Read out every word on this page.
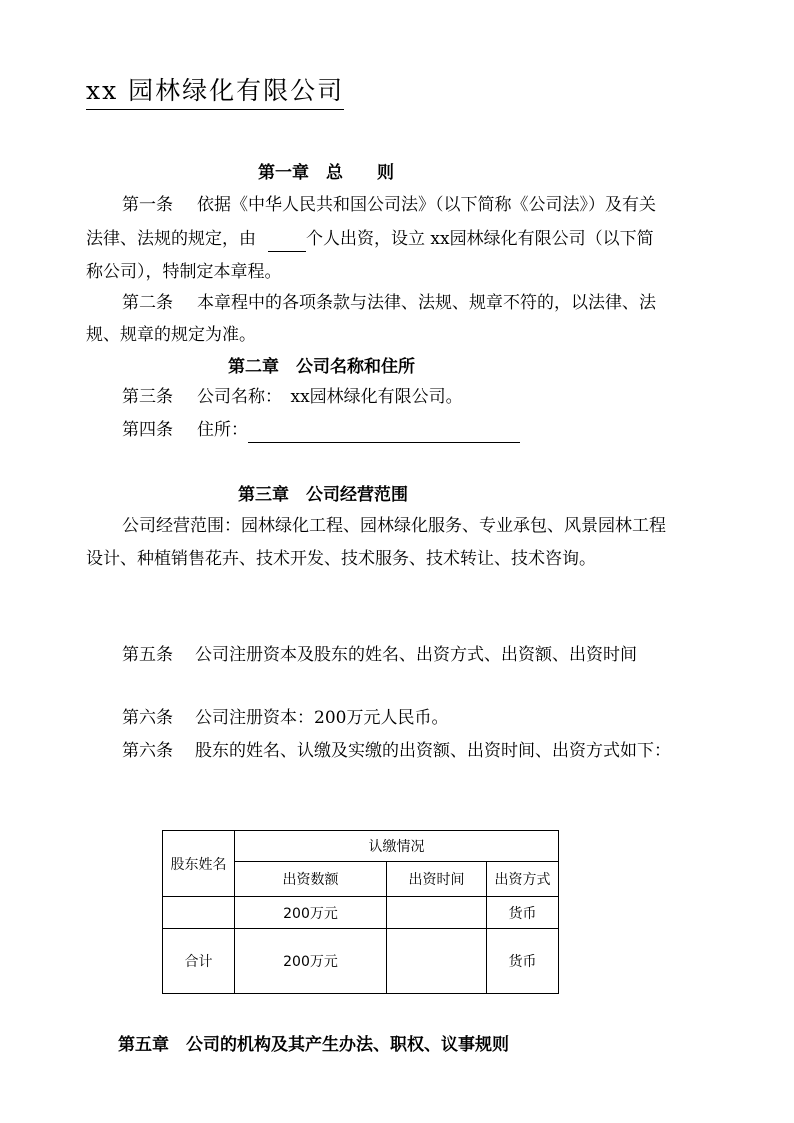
xx 园林绿化有限公司
第一章　总　　则
第一条 依据《中华人民共和国公司法》（以下简称《公司法》）及有关
法律、法规的规定，由	个人出资，设立 xx园林绿化有限公司（以下简
称公司），特制定本章程。
第二条 本章程中的各项条款与法律、法规、规章不符的，以法律、法
规、规章的规定为准。
第二章　公司名称和住所
第三条 公司名称：　xx园林绿化有限公司。
第四条 住所：
第三章　公司经营范围
公司经营范围：园林绿化工程、园林绿化服务、专业承包、风景园林工程
设计、种植销售花卉、技术开发、技术服务、技术转让、技术咨询。
第五条 公司注册资本及股东的姓名、出资方式、出资额、出资时间
第六条 公司注册资本：200万元人民币。
第六条 股东的姓名、认缴及实缴的出资额、出资时间、出资方式如下：
股东姓名	认缴情况		
	出资数额	出资时间	出资方式
	200万元		货币
合计	200万元		货币
第五章　公司的机构及其产生办法、职权、议事规则
